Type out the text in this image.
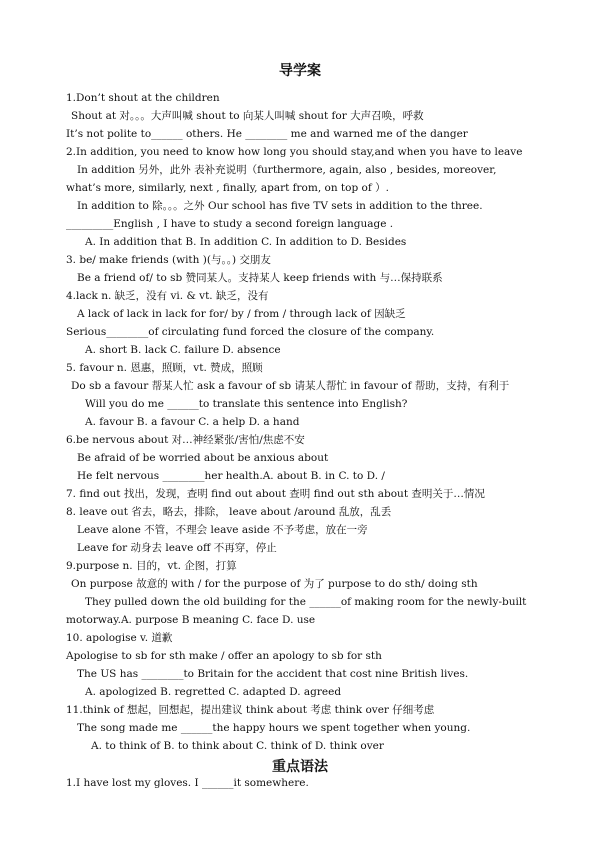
导学案
1.Don’t shout at the children
Shout at 对。。。大声叫喊 shout to 向某人叫喊 shout for 大声召唤，呼救
It’s not polite to______ others. He ________ me and warned me of the danger
2.In addition, you need to know how long you should stay,and when you have to leave
In addition 另外，此外 表补充说明（furthermore, again, also , besides, moreover,
what’s more, similarly, next , finally, apart from, on top of ）.
In addition to 除。。。之外 Our school has five TV sets in addition to the three.
_________English , I have to study a second foreign language .
A. In addition that B. In addition C. In addition to D. Besides
3. be/ make friends (with )(与。。) 交朋友
Be a friend of/ to sb 赞同某人。支持某人 keep friends with 与…保持联系
4.lack n. 缺乏，没有 vi. & vt. 缺乏，没有
A lack of lack in lack for for/ by / from / through lack of 因缺乏
Serious________of circulating fund forced the closure of the company.
A. short B. lack C. failure D. absence
5. favour n. 恩惠，照顾，vt. 赞成，照顾
Do sb a favour 帮某人忙 ask a favour of sb 请某人帮忙 in favour of 帮助，支持，有利于
Will you do me ______to translate this sentence into English?
A. favour B. a favour C. a help D. a hand
6.be nervous about 对…神经紧张/害怕/焦虑不安
Be afraid of be worried about be anxious about
He felt nervous ________her health.A. about B. in C. to D. /
7. find out 找出，发现，查明 find out about 查明 find out sth about 查明关于…情况
8. leave out 省去，略去，排除， leave about /around 乱放，乱丢
Leave alone 不管，不理会 leave aside 不予考虑，放在一旁
Leave for 动身去 leave off 不再穿，停止
9.purpose n. 目的，vt. 企图，打算
On purpose 故意的 with / for the purpose of 为了 purpose to do sth/ doing sth
They pulled down the old building for the ______of making room for the newly-built
motorway.A. purpose B meaning C. face D. use
10. apologise v. 道歉
Apologise to sb for sth make / offer an apology to sb for sth
The US has ________to Britain for the accident that cost nine British lives.
A. apologized B. regretted C. adapted D. agreed
11.think of 想起，回想起，提出建议 think about 考虑 think over 仔细考虑
The song made me ______the happy hours we spent together when young.
A. to think of B. to think about C. think of D. think over
重点语法
1.I have lost my gloves. I ______it somewhere.
